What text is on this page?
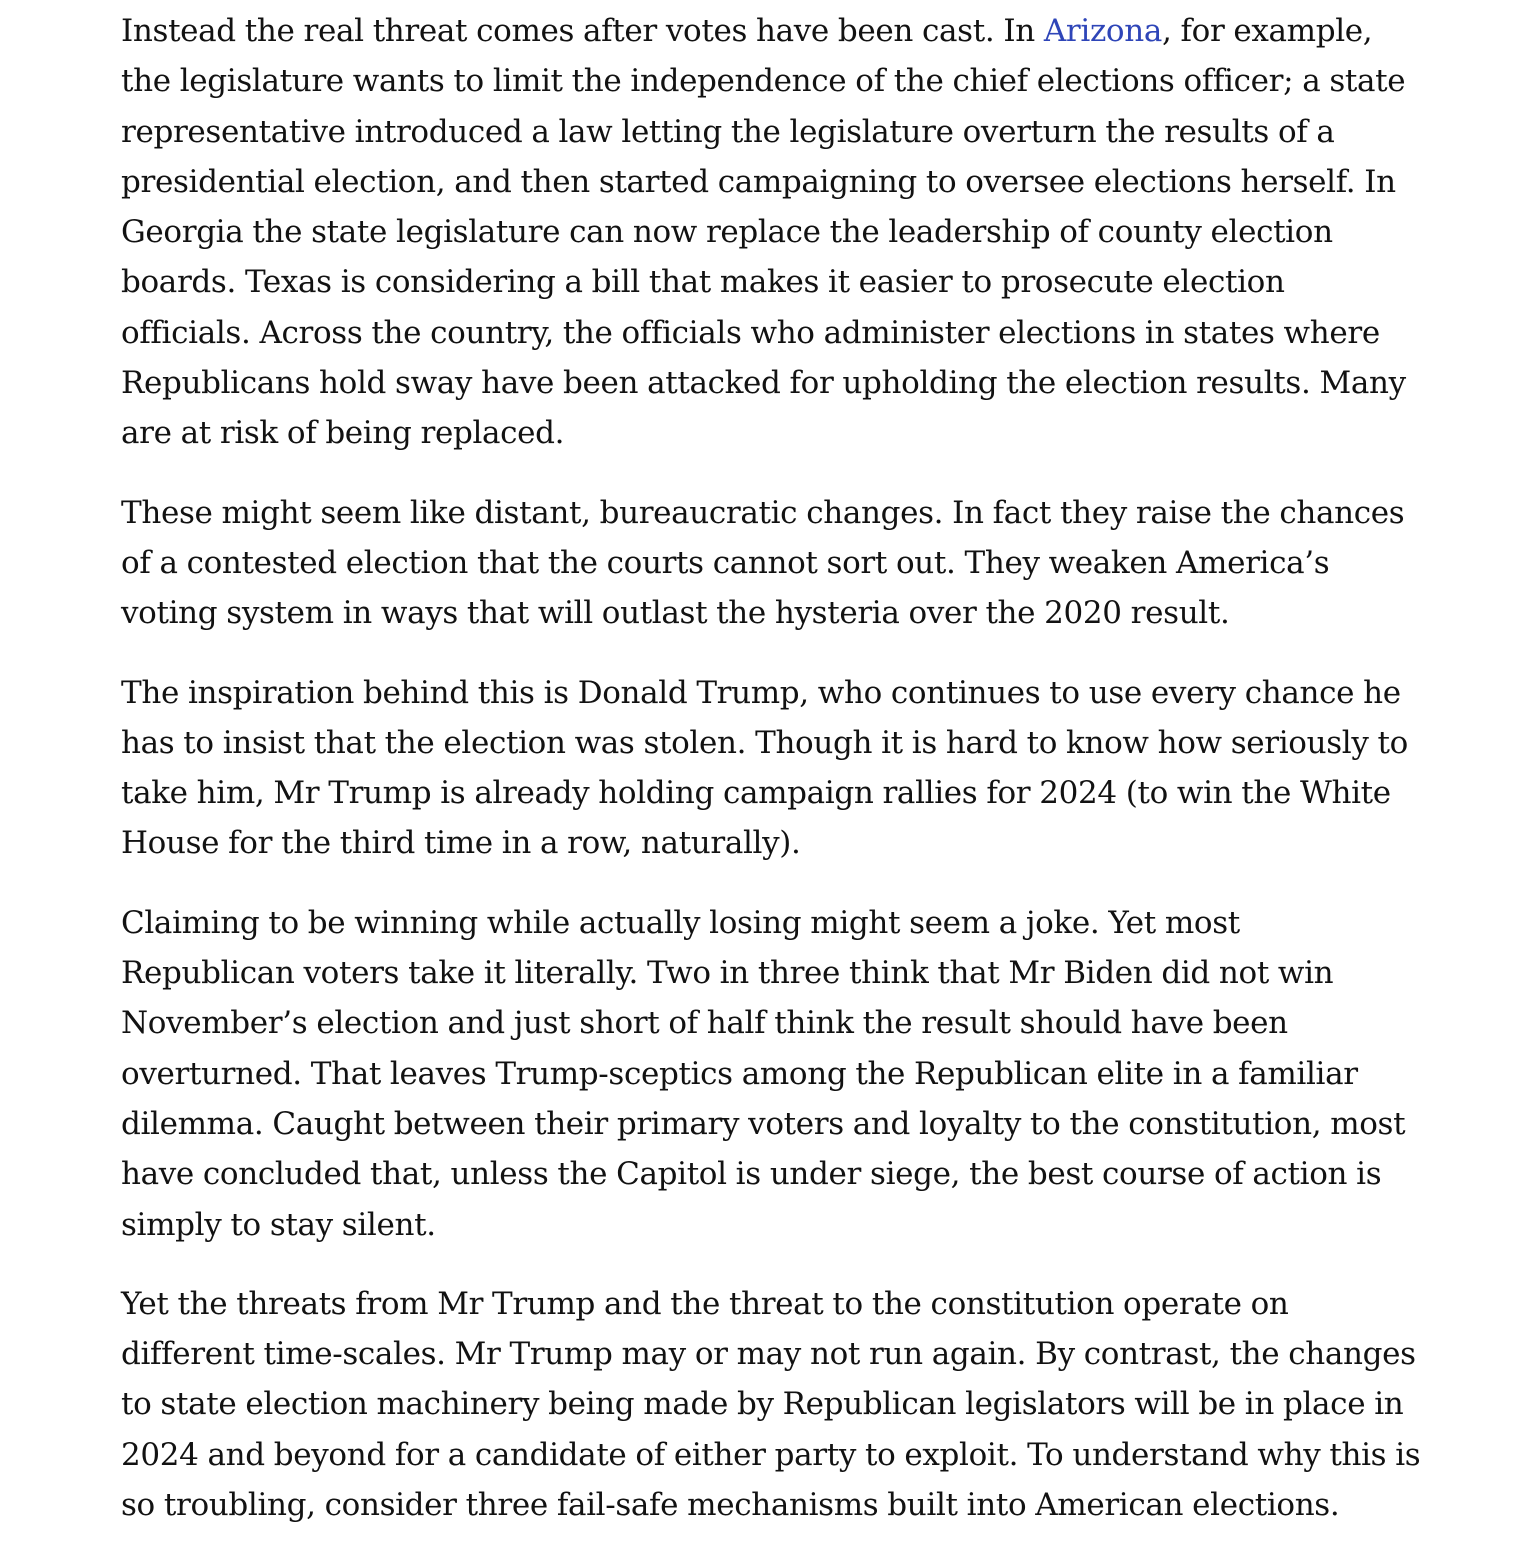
Instead the real threat comes after votes have been cast. In Arizona, for example, the legislature wants to limit the independence of the chief elections officer; a state representative introduced a law letting the legislature overturn the results of a presidential election, and then started campaigning to oversee elections herself. In Georgia the state legislature can now replace the leadership of county election boards. Texas is considering a bill that makes it easier to prosecute election officials. Across the country, the officials who administer elections in states where Republicans hold sway have been attacked for upholding the election results. Many are at risk of being replaced.

These might seem like distant, bureaucratic changes. In fact they raise the chances of a contested election that the courts cannot sort out. They weaken America’s voting system in ways that will outlast the hysteria over the 2020 result.

The inspiration behind this is Donald Trump, who continues to use every chance he has to insist that the election was stolen. Though it is hard to know how seriously to take him, Mr Trump is already holding campaign rallies for 2024 (to win the White House for the third time in a row, naturally).

Claiming to be winning while actually losing might seem a joke. Yet most Republican voters take it literally. Two in three think that Mr Biden did not win November’s election and just short of half think the result should have been overturned. That leaves Trump-sceptics among the Republican elite in a familiar dilemma. Caught between their primary voters and loyalty to the constitution, most have concluded that, unless the Capitol is under siege, the best course of action is simply to stay silent.

Yet the threats from Mr Trump and the threat to the constitution operate on different time-scales. Mr Trump may or may not run again. By contrast, the changes to state election machinery being made by Republican legislators will be in place in 2024 and beyond for a candidate of either party to exploit. To understand why this is so troubling, consider three fail-safe mechanisms built into American elections.
